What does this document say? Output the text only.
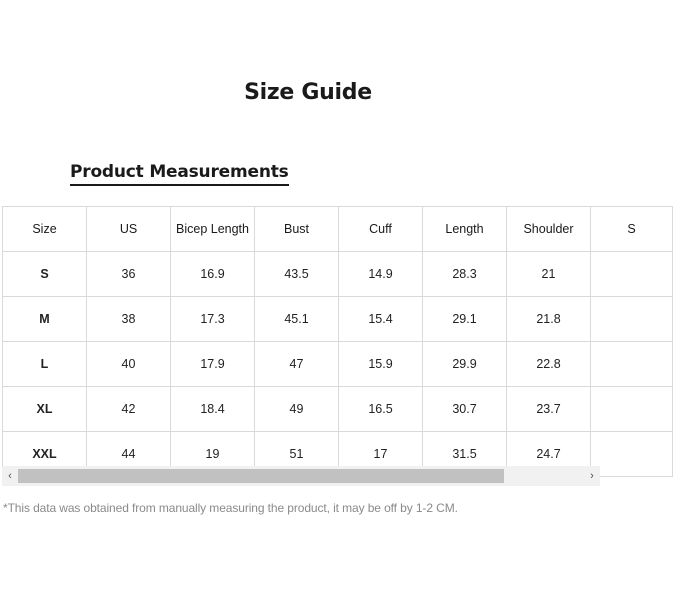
Size Guide
Product Measurements
Size	US	Bicep Length	Bust	Cuff	Length	Shoulder	S
S	36	16.9	43.5	14.9	28.3	21	
M	38	17.3	45.1	15.4	29.1	21.8	
L	40	17.9	47	15.9	29.9	22.8	
XL	42	18.4	49	16.5	30.7	23.7	
XXL	44	19	51	17	31.5	24.7	
‹	›
*This data was obtained from manually measuring the product, it may be off by 1-2 CM.
